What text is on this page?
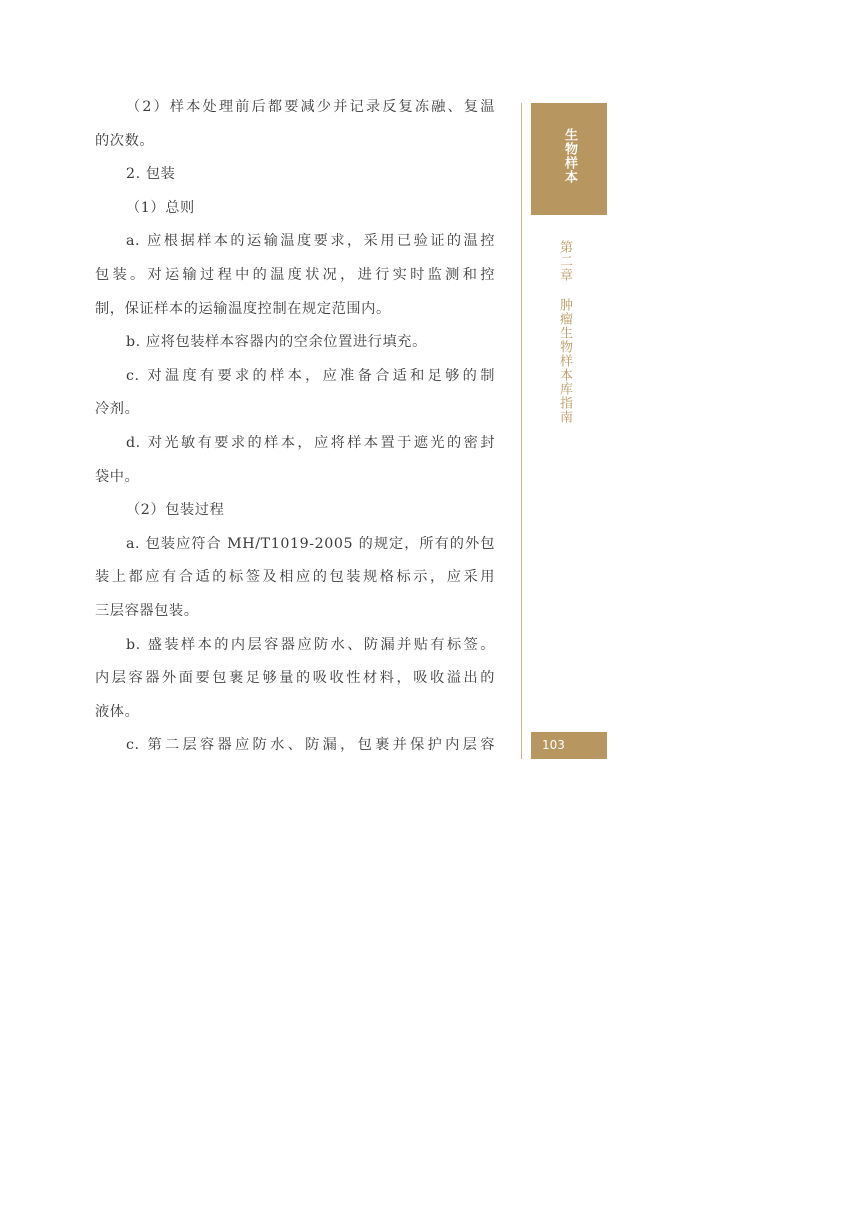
（2）样本处理前后都要减少并记录反复冻融、复温
的次数。
2. 包装
（1）总则
a. 应根据样本的运输温度要求，采用已验证的温控
包装。对运输过程中的温度状况，进行实时监测和控
制，保证样本的运输温度控制在规定范围内。
b. 应将包装样本容器内的空余位置进行填充。
c. 对温度有要求的样本，应准备合适和足够的制
冷剂。
d. 对光敏有要求的样本，应将样本置于遮光的密封
袋中。
（2）包装过程
a. 包装应符合 MH/T1019-2005 的规定，所有的外包
装上都应有合适的标签及相应的包装规格标示，应采用
三层容器包装。
b. 盛装样本的内层容器应防水、防漏并贴有标签。
内层容器外面要包裹足够量的吸收性材料，吸收溢出的
液体。
c. 第二层容器应防水、防漏，包裹并保护内层容
生物样本
第二章肿瘤生物样本库指南
103
